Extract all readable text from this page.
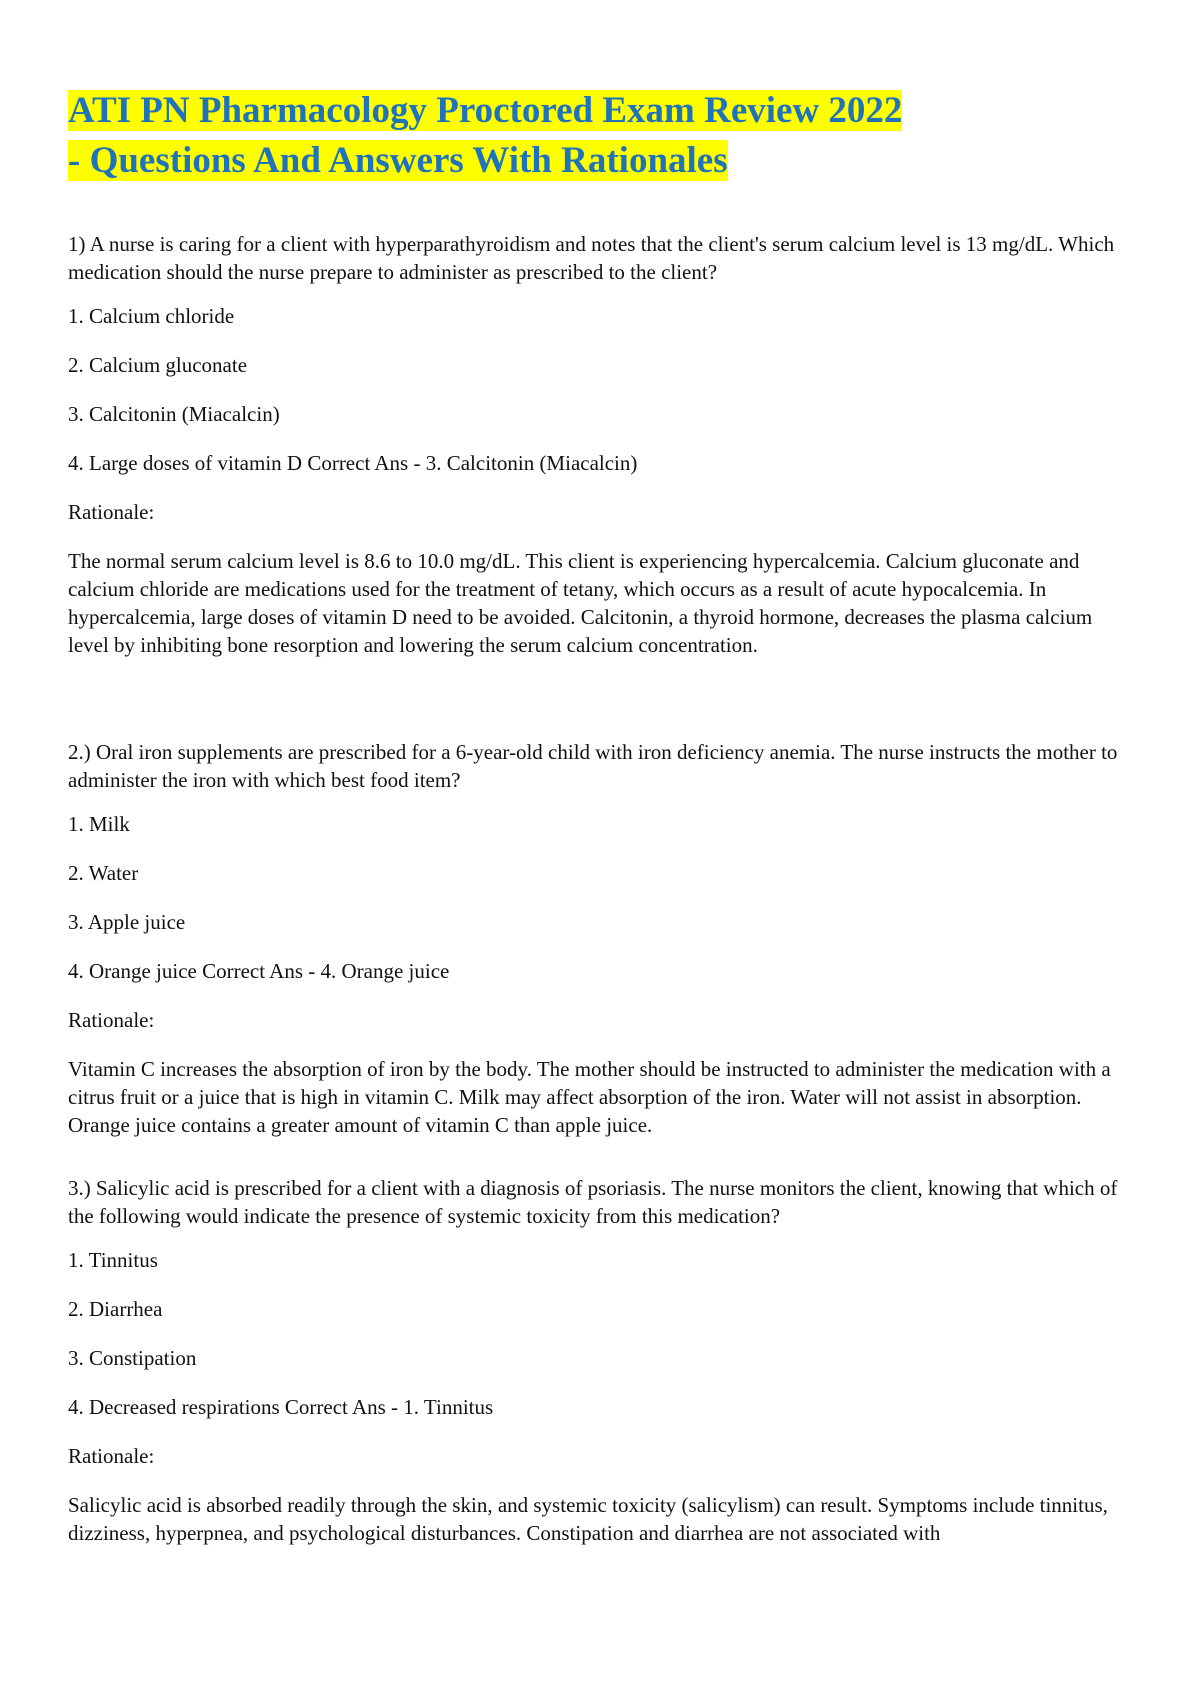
ATI PN Pharmacology Proctored Exam Review 2022
- Questions And Answers With Rationales

1) A nurse is caring for a client with hyperparathyroidism and notes that the client's serum calcium level is 13 mg/dL. Which medication should the nurse prepare to administer as prescribed to the client?

1. Calcium chloride

2. Calcium gluconate

3. Calcitonin (Miacalcin)

4. Large doses of vitamin D Correct Ans - 3. Calcitonin (Miacalcin)

Rationale:

The normal serum calcium level is 8.6 to 10.0 mg/dL. This client is experiencing hypercalcemia. Calcium gluconate and calcium chloride are medications used for the treatment of tetany, which occurs as a result of acute hypocalcemia. In hypercalcemia, large doses of vitamin D need to be avoided. Calcitonin, a thyroid hormone, decreases the plasma calcium level by inhibiting bone resorption and lowering the serum calcium concentration.

2.) Oral iron supplements are prescribed for a 6-year-old child with iron deficiency anemia. The nurse instructs the mother to administer the iron with which best food item?

1. Milk

2. Water

3. Apple juice

4. Orange juice Correct Ans - 4. Orange juice

Rationale:

Vitamin C increases the absorption of iron by the body. The mother should be instructed to administer the medication with a citrus fruit or a juice that is high in vitamin C. Milk may affect absorption of the iron. Water will not assist in absorption. Orange juice contains a greater amount of vitamin C than apple juice.

3.) Salicylic acid is prescribed for a client with a diagnosis of psoriasis. The nurse monitors the client, knowing that which of the following would indicate the presence of systemic toxicity from this medication?

1. Tinnitus

2. Diarrhea

3. Constipation

4. Decreased respirations Correct Ans - 1. Tinnitus

Rationale:

Salicylic acid is absorbed readily through the skin, and systemic toxicity (salicylism) can result. Symptoms include tinnitus, dizziness, hyperpnea, and psychological disturbances. Constipation and diarrhea are not associated with
